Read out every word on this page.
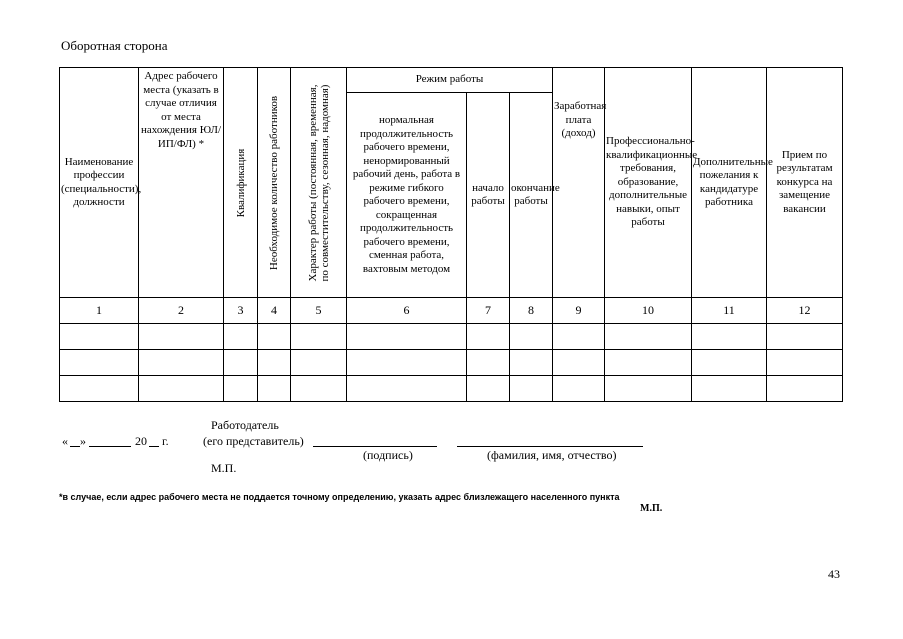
Оборотная сторона
Наименование профессии (специальности), должности	Адрес рабочего места (указать в случае отличия от места нахождения ЮЛ/ИП/ФЛ) *	Квалификация	Необходимое количество работников	Характер работы (постоянная, временная, по совместительству, сезонная, надомная)	Режим работы			Заработная плата (доход)	Профессионально-квалификационные требования, образование, дополнительные навыки, опыт работы	Дополнительные пожелания к кандидатуре работника	Прием по результатам конкурса на замещение вакансии
					нормальная продолжительность рабочего времени, ненормированный рабочий день, работа в режиме гибкого рабочего времени, сокращенная продолжительность рабочего времени, сменная работа, вахтовым методом	начало работы	окончание работы				
1	2	3	4	5	6	7	8	9	10	11	12

Работодатель
« »	20 г.	(его представитель)
(подпись)	(фамилия, имя, отчество)
М.П.
*в случае, если адрес рабочего места не поддается точному определению, указать адрес близлежащего населенного пункта
М.П.
43
